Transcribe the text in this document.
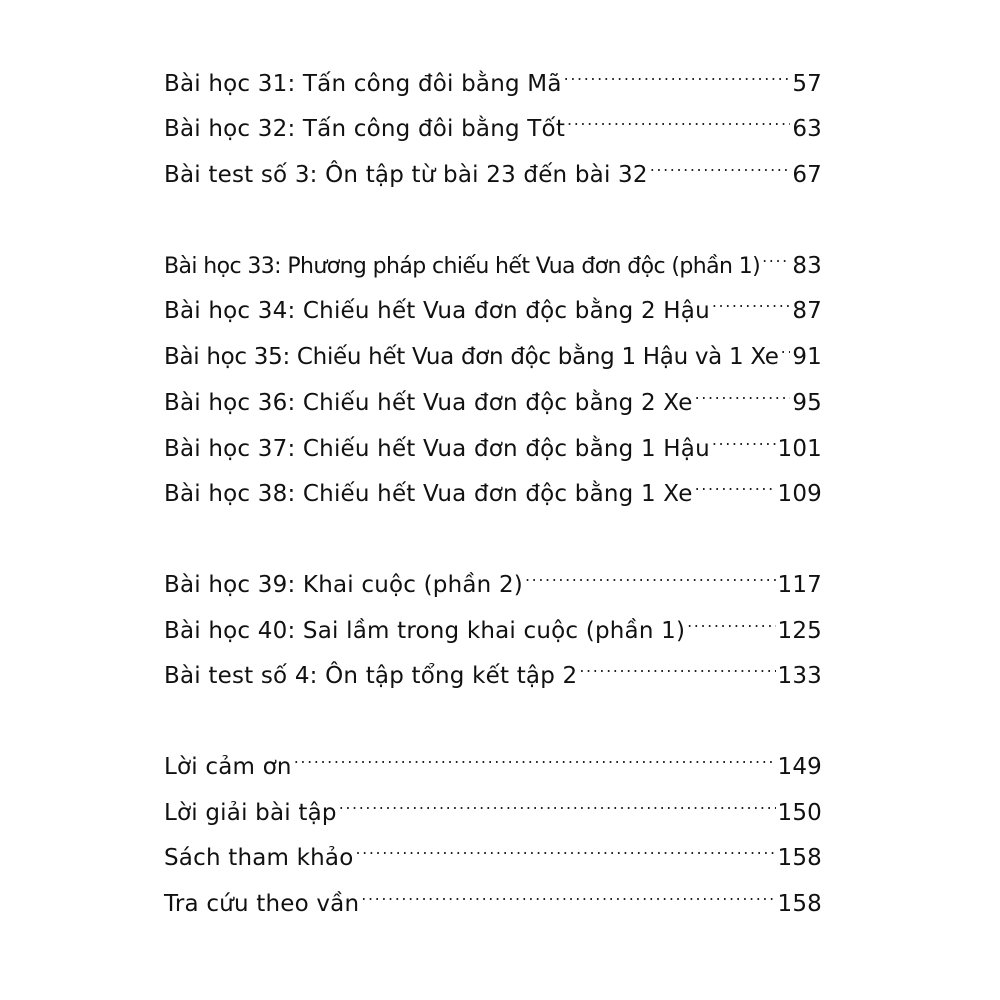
Bài học 31: Tấn công đôi bằng Mã .....	57
Bài học 32: Tấn công đôi bằng Tốt .....	63
Bài test số 3: Ôn tập từ bài 23 đến bài 32 .....	67
Bài học 33: Phương pháp chiếu hết Vua đơn độc (phần 1) ..... 83
Bài học 34: Chiếu hết Vua đơn độc bằng 2 Hậu .....	87
Bài học 35: Chiếu hết Vua đơn độc bằng 1 Hậu và 1 Xe ..... 91
Bài học 36: Chiếu hết Vua đơn độc bằng 2 Xe .....	95
Bài học 37: Chiếu hết Vua đơn độc bằng 1 Hậu .....	101
Bài học 38: Chiếu hết Vua đơn độc bằng 1 Xe .....	109
Bài học 39: Khai cuộc (phần 2) .....	117
Bài học 40: Sai lầm trong khai cuộc (phần 1) .....	125
Bài test số 4: Ôn tập tổng kết tập 2 .....	133
Lời cảm ơn .....	149
Lời giải bài tập .....	150
Sách tham khảo .....	158
Tra cứu theo vần .....	158
